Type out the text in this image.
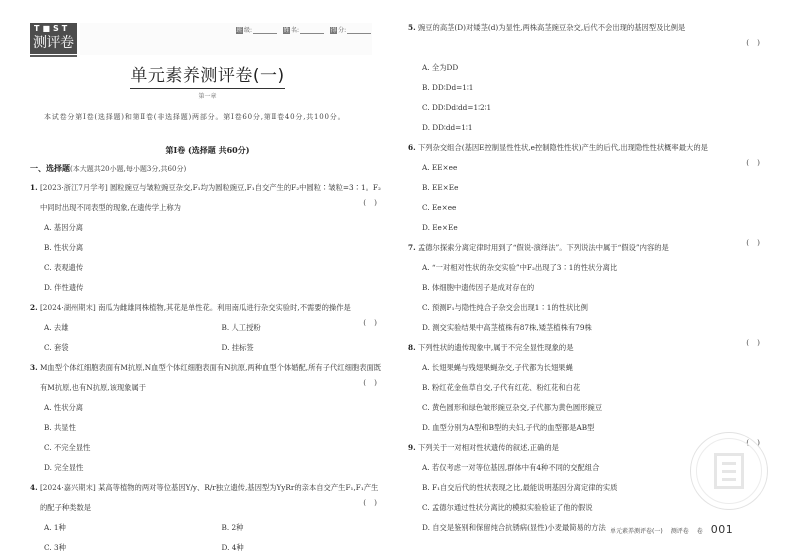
T■ST
测评卷
班 级:	姓 名:	得 分:
单元素养测评卷(一)
第一章
本试卷分第Ⅰ卷(选择题)和第Ⅱ卷(非选择题)两部分。第Ⅰ卷60分,第Ⅱ卷40分,共100分。
第Ⅰ卷 (选择题 共60分)
一、选择题(本大题共20小题,每小题3分,共60分)
1. [2023·浙江7月学考] 圆粒豌豆与皱粒豌豆杂交,F₁均为圆粒豌豆,F₁自交产生的F₂中圆粒∶皱粒=3∶1。F₂中同时出现不同表型的现象,在遗传学上称为
()
A. 基因分离
B. 性状分离
C. 表观遗传
D. 伴性遗传
2. [2024·湖州期末] 南瓜为雌雄同株植物,其花是单性花。利用南瓜进行杂交实验时,不需要的操作是
()
A. 去雄	B. 人工授粉
C. 套袋	D. 挂标签
3. M血型个体红细胞表面有M抗原,N血型个体红细胞表面有N抗原,两种血型个体婚配,所有子代红细胞表面既有M抗原,也有N抗原,该现象属于
()
A. 性状分离
B. 共显性
C. 不完全显性
D. 完全显性
4. [2024·嘉兴期末] 某高等植物的两对等位基因Y/y、R/r独立遗传,基因型为YyRr的亲本自交产生F₁,F₁产生的配子种类数是
()
A. 1种	B. 2种
C. 3种	D. 4种
5. 豌豆的高茎(D)对矮茎(d)为显性,两株高茎豌豆杂交,后代不会出现的基因型及比例是
()
A. 全为DD
B. DD∶Dd=1∶1
C. DD∶Dd∶dd=1∶2∶1
D. DD∶dd=1∶1
6. 下列杂交组合(基因E控制显性性状,e控制隐性性状)产生的后代,出现隐性性状概率最大的是
()
A. EE×ee
B. EE×Ee
C. Ee×ee
D. Ee×Ee
7. 孟德尔探索分离定律时用到了“假说-演绎法”。下列说法中属于“假设”内容的是
()
A. “一对相对性状的杂交实验”中F₂出现了3∶1的性状分离比
B. 体细胞中遗传因子是成对存在的
C. 预测F₁与隐性纯合子杂交会出现1∶1的性状比例
D. 测交实验结果中高茎植株有87株,矮茎植株有79株
8. 下列性状的遗传现象中,属于不完全显性现象的是
()
A. 长翅果蝇与残翅果蝇杂交,子代都为长翅果蝇
B. 粉红花金鱼草自交,子代有红花、粉红花和白花
C. 黄色圆形和绿色皱形豌豆杂交,子代都为黄色圆形豌豆
D. 血型分别为A型和B型的夫妇,子代的血型都是AB型
9. 下列关于一对相对性状遗传的叙述,正确的是
()
A. 若仅考虑一对等位基因,群体中有4种不同的交配组合
B. F₁自交后代的性状表现之比,最能说明基因分离定律的实质
C. 孟德尔通过性状分离比的模拟实验验证了他的假说
D. 自交是鉴别和保留纯合抗锈病(显性)小麦最简易的方法 单元素养测评卷(一) 测评卷 卷 001
